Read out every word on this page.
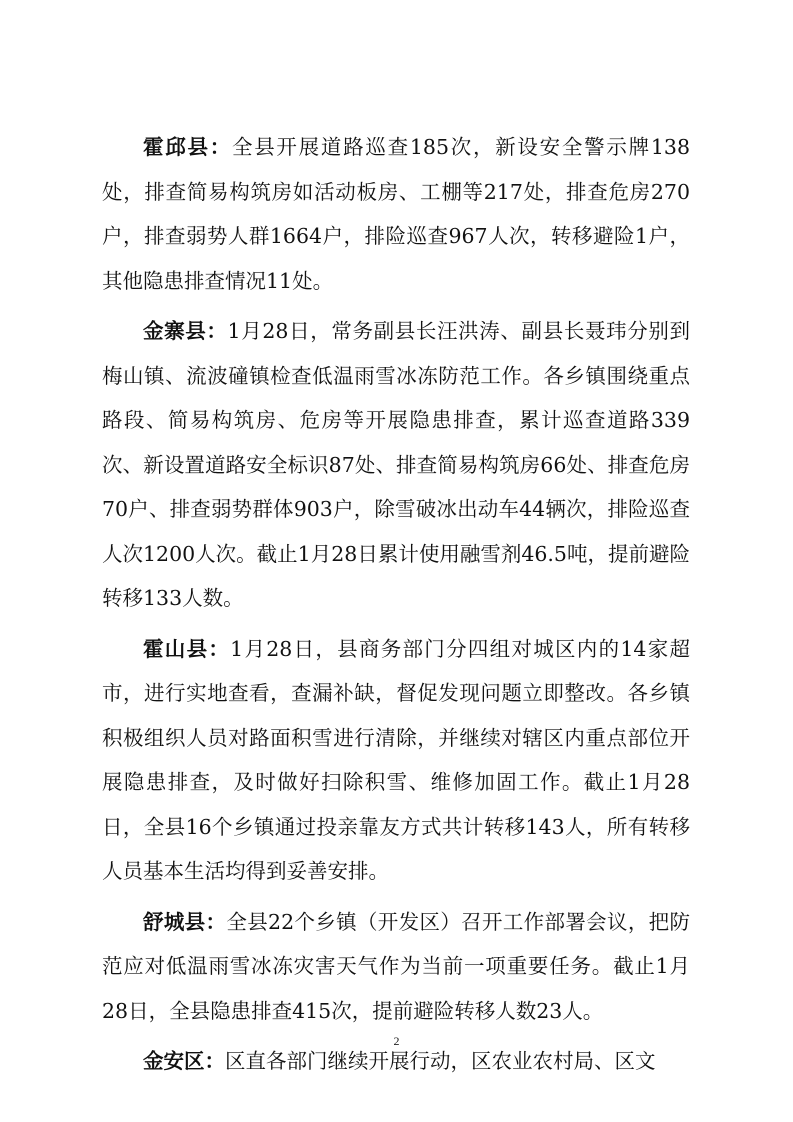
霍邱县：全县开展道路巡查185次，新设安全警示牌138处，排查简易构筑房如活动板房、工棚等217处，排查危房270户，排查弱势人群1664户，排险巡查967人次，转移避险1户，其他隐患排查情况11处。

金寨县：1月28日，常务副县长汪洪涛、副县长聂玮分别到梅山镇、流波䃥镇检查低温雨雪冰冻防范工作。各乡镇围绕重点路段、简易构筑房、危房等开展隐患排查，累计巡查道路339次、新设置道路安全标识87处、排查简易构筑房66处、排查危房70户、排查弱势群体903户，除雪破冰出动车44辆次，排险巡查人次1200人次。截止1月28日累计使用融雪剂46.5吨，提前避险转移133人数。

霍山县：1月28日，县商务部门分四组对城区内的14家超市，进行实地查看，查漏补缺，督促发现问题立即整改。各乡镇积极组织人员对路面积雪进行清除，并继续对辖区内重点部位开展隐患排查，及时做好扫除积雪、维修加固工作。截止1月28日，全县16个乡镇通过投亲靠友方式共计转移143人，所有转移人员基本生活均得到妥善安排。

舒城县：全县22个乡镇（开发区）召开工作部署会议，把防范应对低温雨雪冰冻灾害天气作为当前一项重要任务。截止1月28日，全县隐患排查415次，提前避险转移人数23人。

金安区：区直各部门继续开展行动，区农业农村局、区文

2
